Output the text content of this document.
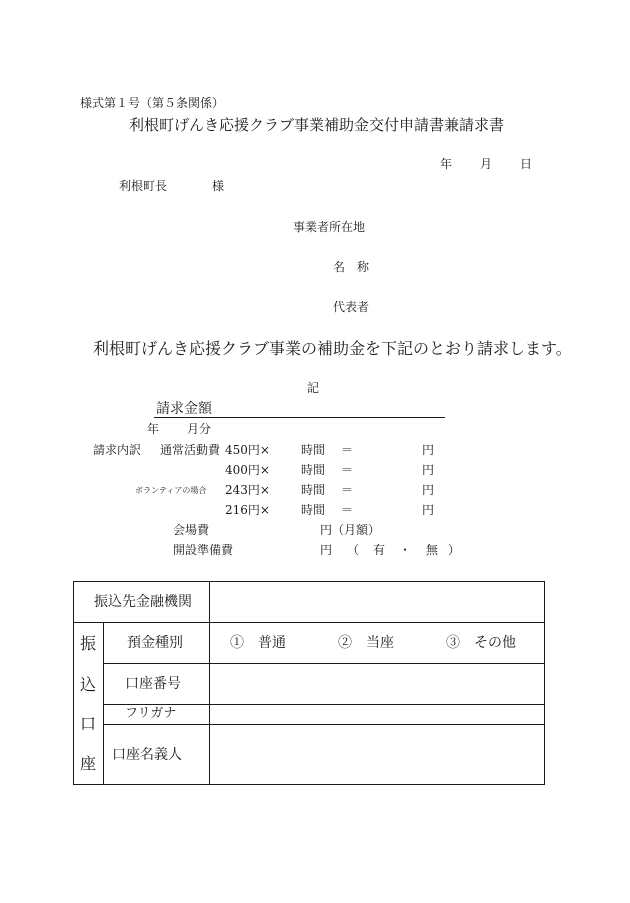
様式第１号（第５条関係）
利根町げんき応援クラブ事業補助金交付申請書兼請求書
年 月 日
利根町長	様
事業者所在地
名　称
代表者
利根町げんき応援クラブ事業の補助金を下記のとおり請求します。
記
請求金額
年 月分
請求内訳 通常活動費 450円×	時間 ＝	円
400円×	時間 ＝	円
ボランティアの場合 243円×	時間 ＝	円
216円×	時間 ＝	円
会場費	円（月額）
開設準備費	円 （ 有 ・ 無 ）
振込先金融機関
振
込
口
座
預金種別	①　普通	②　当座	③　その他
口座番号
フリガナ
口座名義人
